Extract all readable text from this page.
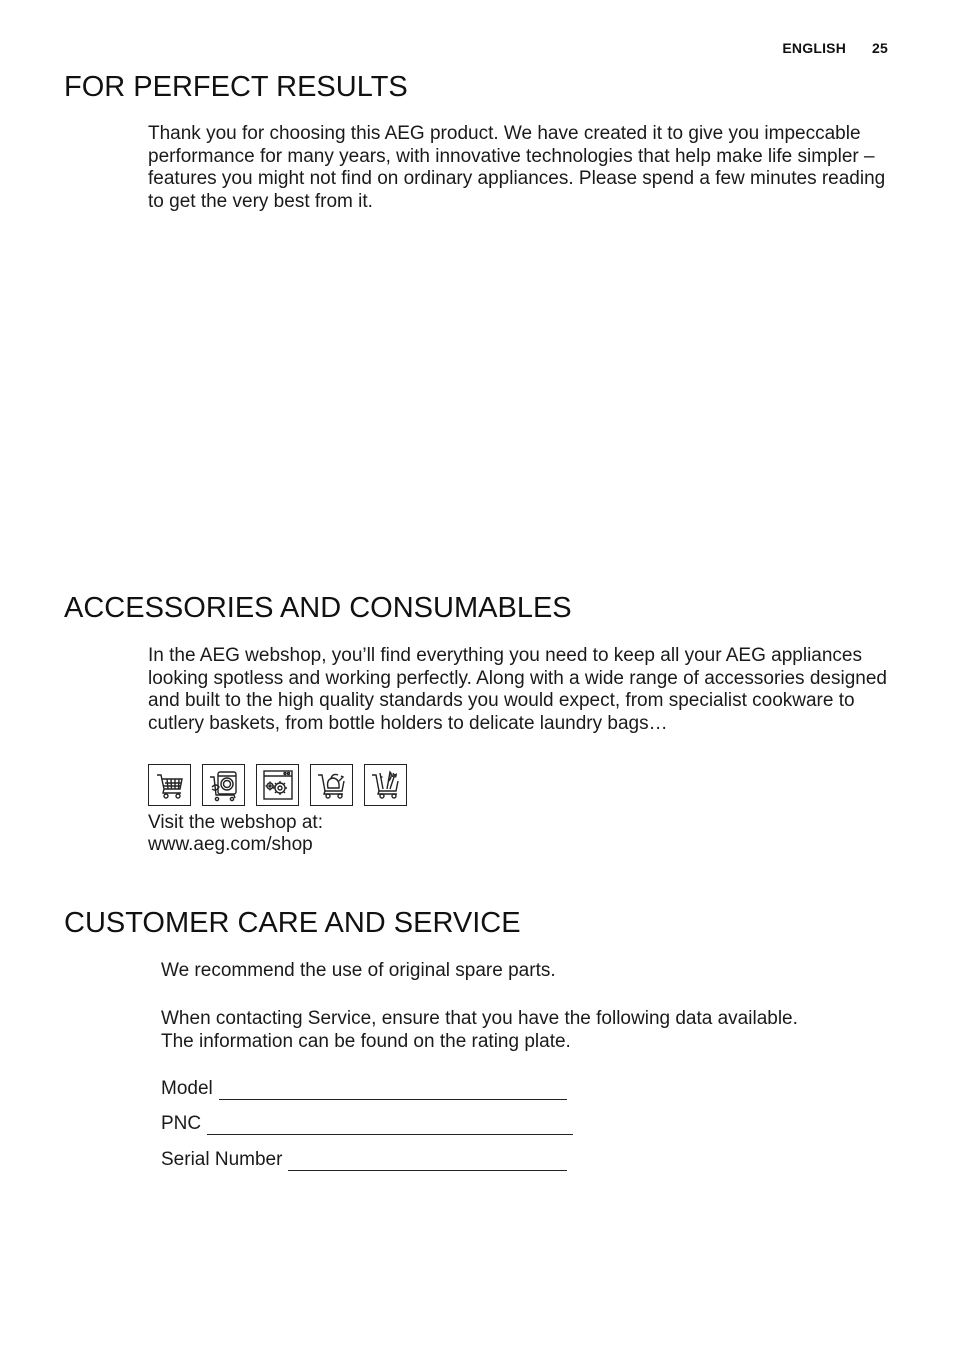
ENGLISH 25
FOR PERFECT RESULTS

Thank you for choosing this AEG product. We have created it to give you impeccable performance for many years, with innovative technologies that help make life simpler – features you might not find on ordinary appliances. Please spend a few minutes reading to get the very best from it.

ACCESSORIES AND CONSUMABLES

In the AEG webshop, you’ll find everything you need to keep all your AEG appliances looking spotless and working perfectly. Along with a wide range of accessories designed and built to the high quality standards you would expect, from specialist cookware to cutlery baskets, from bottle holders to delicate laundry bags…

Visit the webshop at:

www.aeg.com/shop
CUSTOMER CARE AND SERVICE

We recommend the use of original spare parts.

When contacting Service, ensure that you have the following data available.

The information can be found on the rating plate.

Model
PNC
Serial Number
